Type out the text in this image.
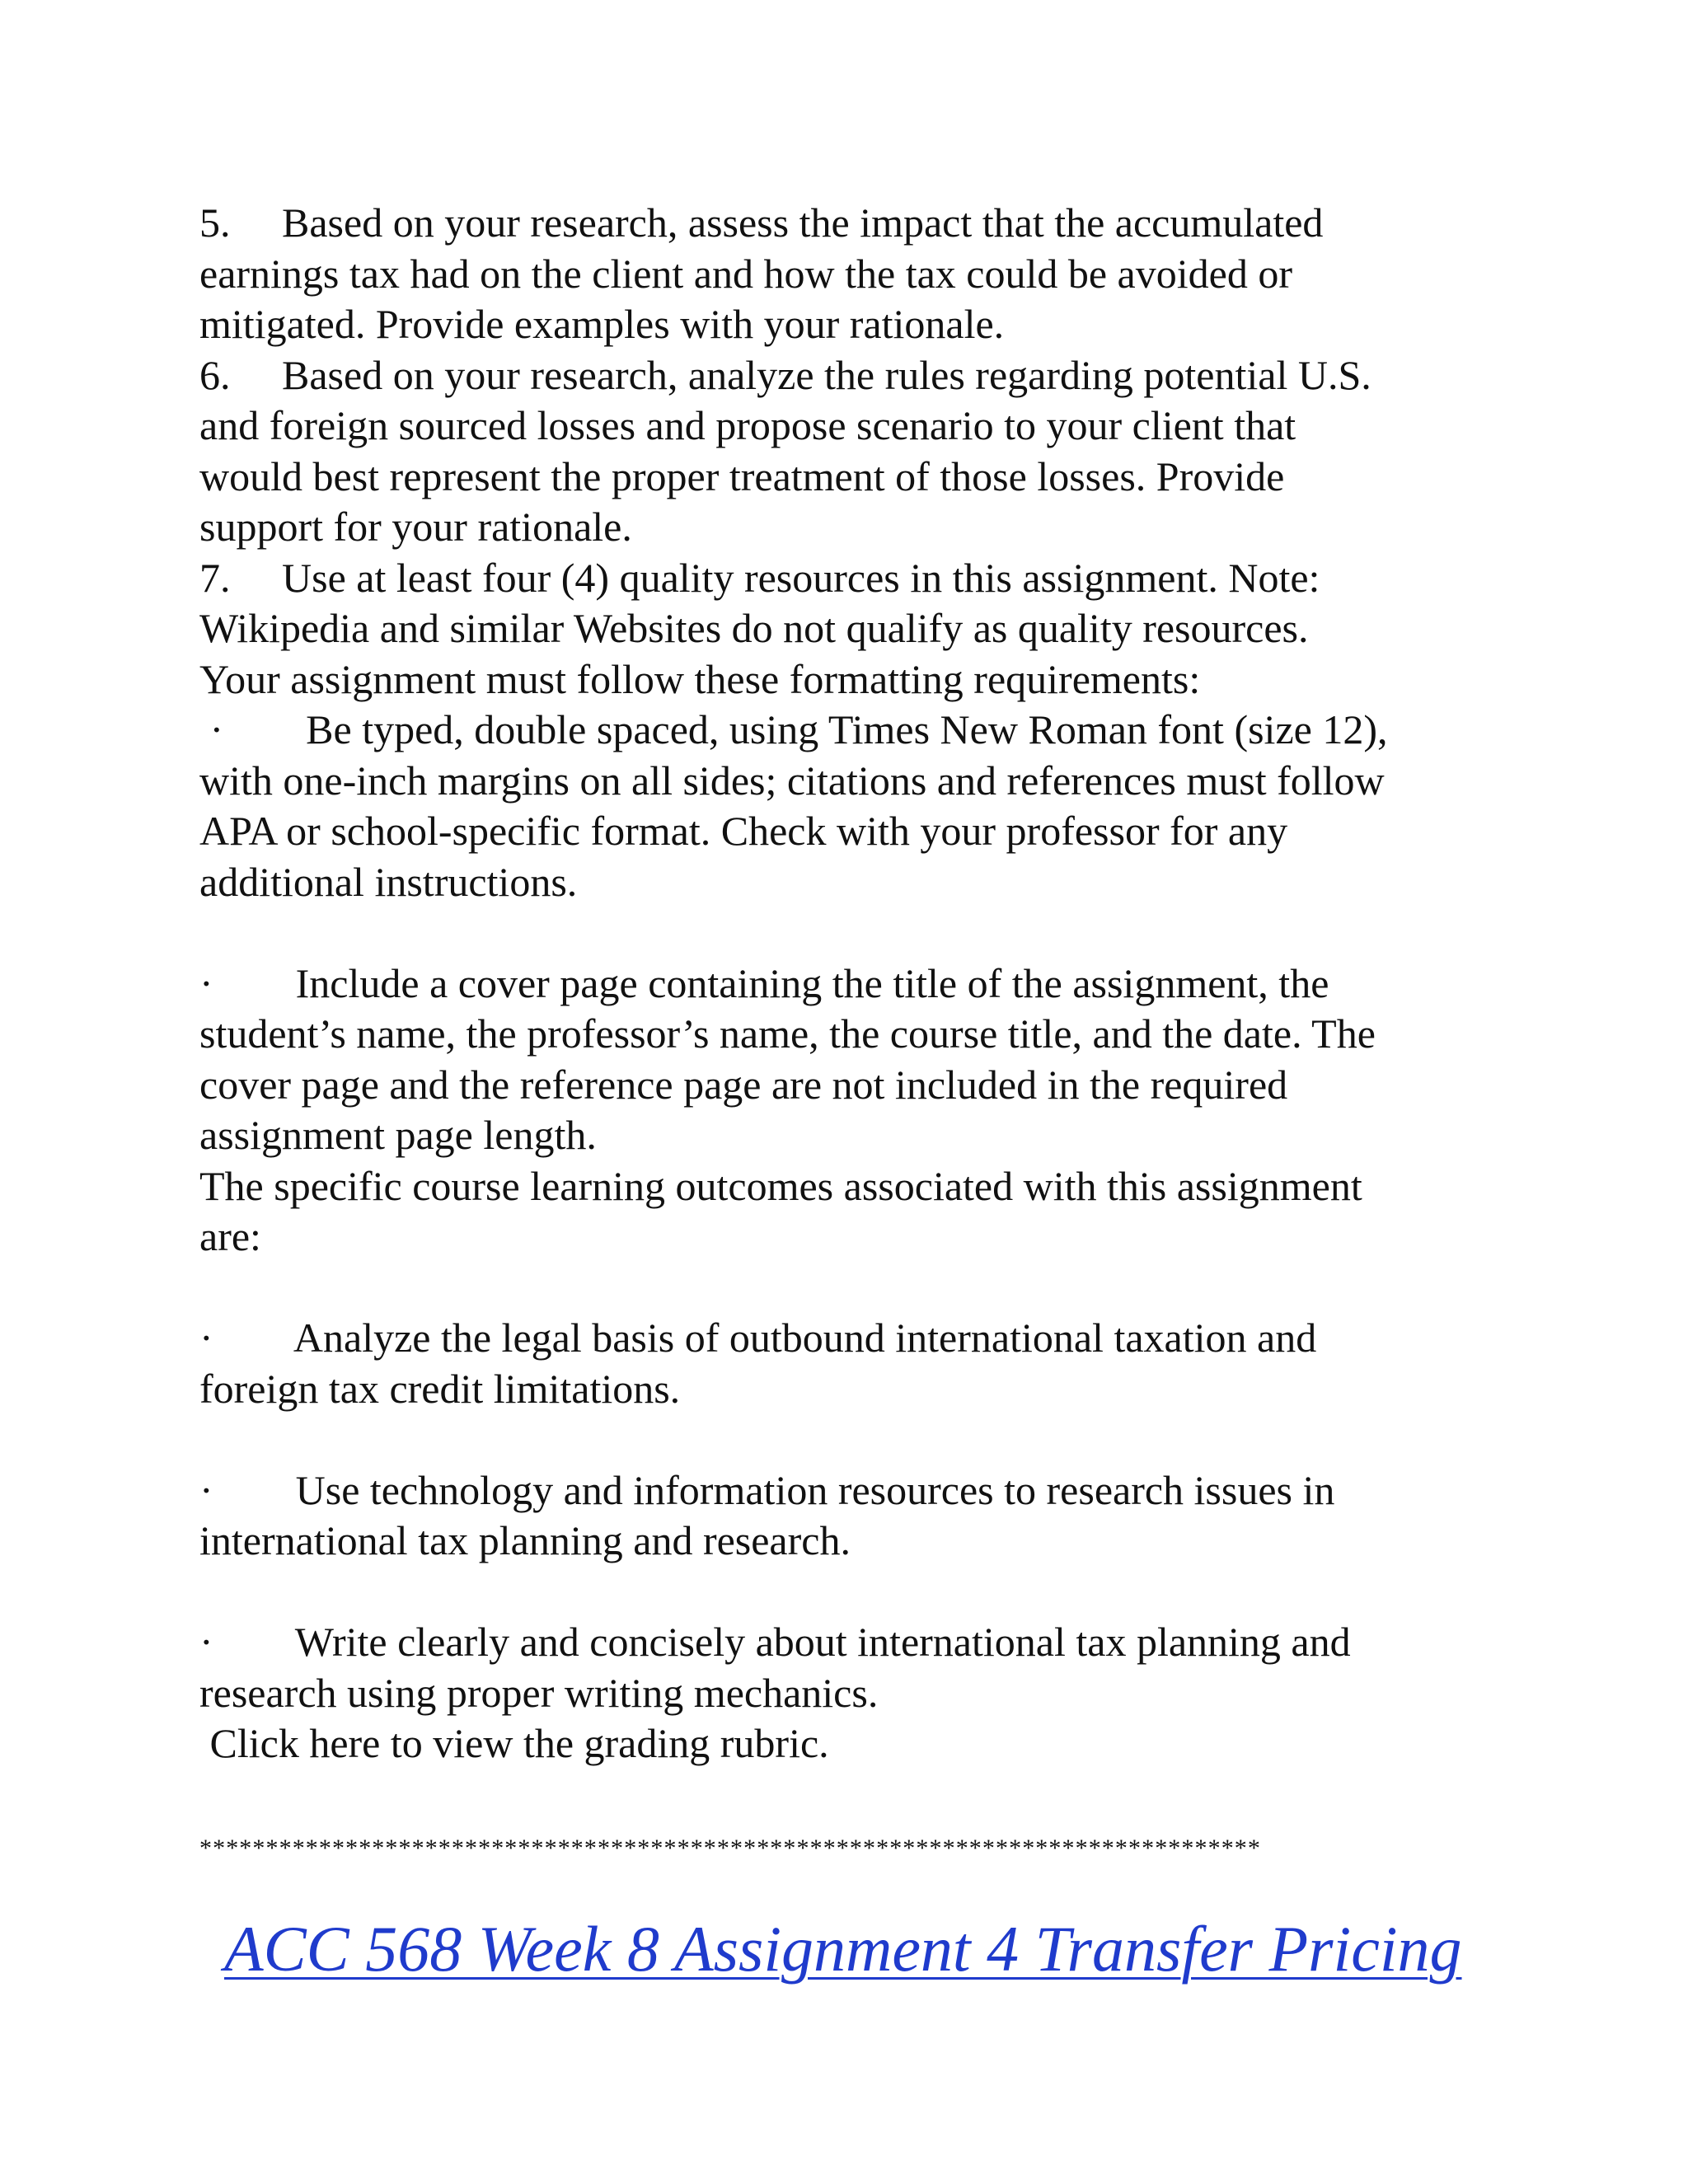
5.     Based on your research, assess the impact that the accumulated
earnings tax had on the client and how the tax could be avoided or
mitigated. Provide examples with your rationale.
6.     Based on your research, analyze the rules regarding potential U.S.
and foreign sourced losses and propose scenario to your client that
would best represent the proper treatment of those losses. Provide
support for your rationale.
7.     Use at least four (4) quality resources in this assignment. Note:
Wikipedia and similar Websites do not qualify as quality resources.
Your assignment must follow these formatting requirements:
·        Be typed, double spaced, using Times New Roman font (size 12),
with one-inch margins on all sides; citations and references must follow
APA or school-specific format. Check with your professor for any
additional instructions.
·        Include a cover page containing the title of the assignment, the
student’s name, the professor’s name, the course title, and the date. The
cover page and the reference page are not included in the required
assignment page length.
The specific course learning outcomes associated with this assignment
are:
·        Analyze the legal basis of outbound international taxation and
foreign tax credit limitations.
·        Use technology and information resources to research issues in
international tax planning and research.
·        Write clearly and concisely about international tax planning and
research using proper writing mechanics.
Click here to view the grading rubric.
********************************************************************************
ACC 568 Week 8 Assignment 4 Transfer Pricing
